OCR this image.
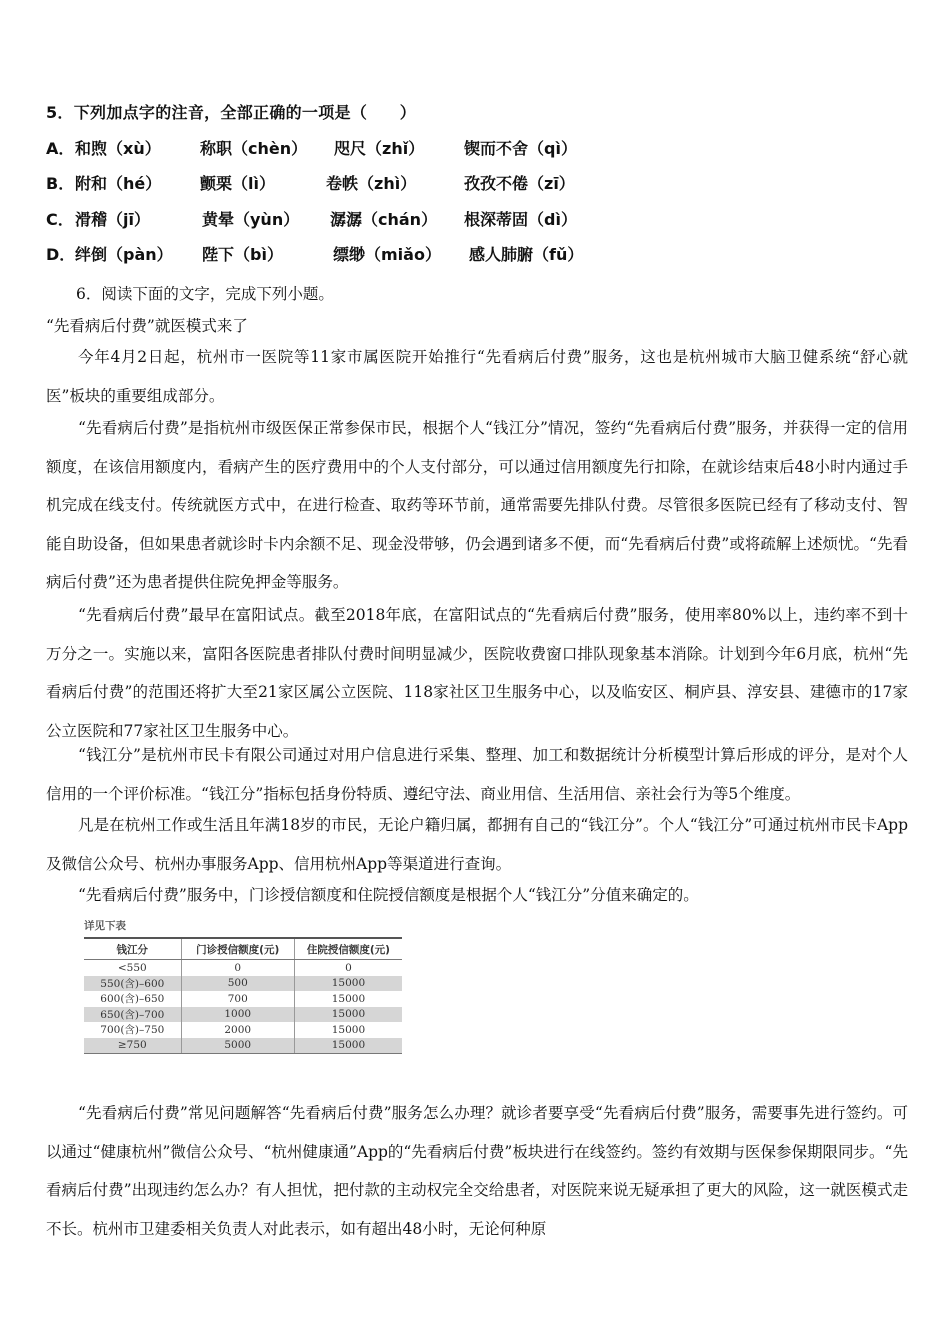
5．下列加点字的注音，全部正确的一项是（　　）
A． 和煦（xù） 称职（chèn） 咫尺（zhǐ） 锲而不舍（qì）
B． 附和（hé） 颤栗（lì）	卷帙（zhì）	孜孜不倦（zī）
C． 滑稽（jī）	黄晕（yùn） 潺潺（chán） 根深蒂固（dì）
D． 绊倒（pàn） 陛下（bì）	缥缈（miǎo） 感人肺腑（fǔ）
6．阅读下面的文字，完成下列小题。
“先看病后付费”就医模式来了

今年4月2日起，杭州市一医院等11家市属医院开始推行“先看病后付费”服务，这也是杭州城市大脑卫健系统“舒心就医”板块的重要组成部分。

“先看病后付费”是指杭州市级医保正常参保市民，根据个人“钱江分”情况，签约“先看病后付费”服务，并获得一定的信用额度，在该信用额度内，看病产生的医疗费用中的个人支付部分，可以通过信用额度先行扣除，在就诊结束后48小时内通过手机完成在线支付。传统就医方式中，在进行检查、取药等环节前，通常需要先排队付费。尽管很多医院已经有了移动支付、智能自助设备，但如果患者就诊时卡内余额不足、现金没带够，仍会遇到诸多不便，而“先看病后付费”或将疏解上述烦忧。“先看病后付费”还为患者提供住院免押金等服务。

“先看病后付费”最早在富阳试点。截至2018年底，在富阳试点的“先看病后付费”服务，使用率80%以上，违约率不到十万分之一。实施以来，富阳各医院患者排队付费时间明显减少，医院收费窗口排队现象基本消除。计划到今年6月底，杭州“先看病后付费”的范围还将扩大至21家区属公立医院、118家社区卫生服务中心，以及临安区、桐庐县、淳安县、建德市的17家公立医院和77家社区卫生服务中心。

“钱江分”是杭州市民卡有限公司通过对用户信息进行采集、整理、加工和数据统计分析模型计算后形成的评分，是对个人信用的一个评价标准。“钱江分”指标包括身份特质、遵纪守法、商业用信、生活用信、亲社会行为等5个维度。

凡是在杭州工作或生活且年满18岁的市民，无论户籍归属，都拥有自己的“钱江分”。个人“钱江分”可通过杭州市民卡App及微信公众号、杭州办事服务App、信用杭州App等渠道进行查询。

“先看病后付费”服务中，门诊授信额度和住院授信额度是根据个人“钱江分”分值来确定的。

详见下表
钱江分	门诊授信额度(元)	住院授信额度(元)
<550	0	0
550(含)–600	500	15000
600(含)–650	700	15000
650(含)–700	1000	15000
700(含)–750	2000	15000
≥750	5000	15000

“先看病后付费”常见问题解答“先看病后付费”服务怎么办理？就诊者要享受“先看病后付费”服务，需要事先进行签约。可以通过“健康杭州”微信公众号、“杭州健康通”App的“先看病后付费”板块进行在线签约。签约有效期与医保参保期限同步。“先看病后付费”出现违约怎么办？有人担忧，把付款的主动权完全交给患者，对医院来说无疑承担了更大的风险，这一就医模式走不长。杭州市卫建委相关负责人对此表示，如有超出48小时，无论何种原
